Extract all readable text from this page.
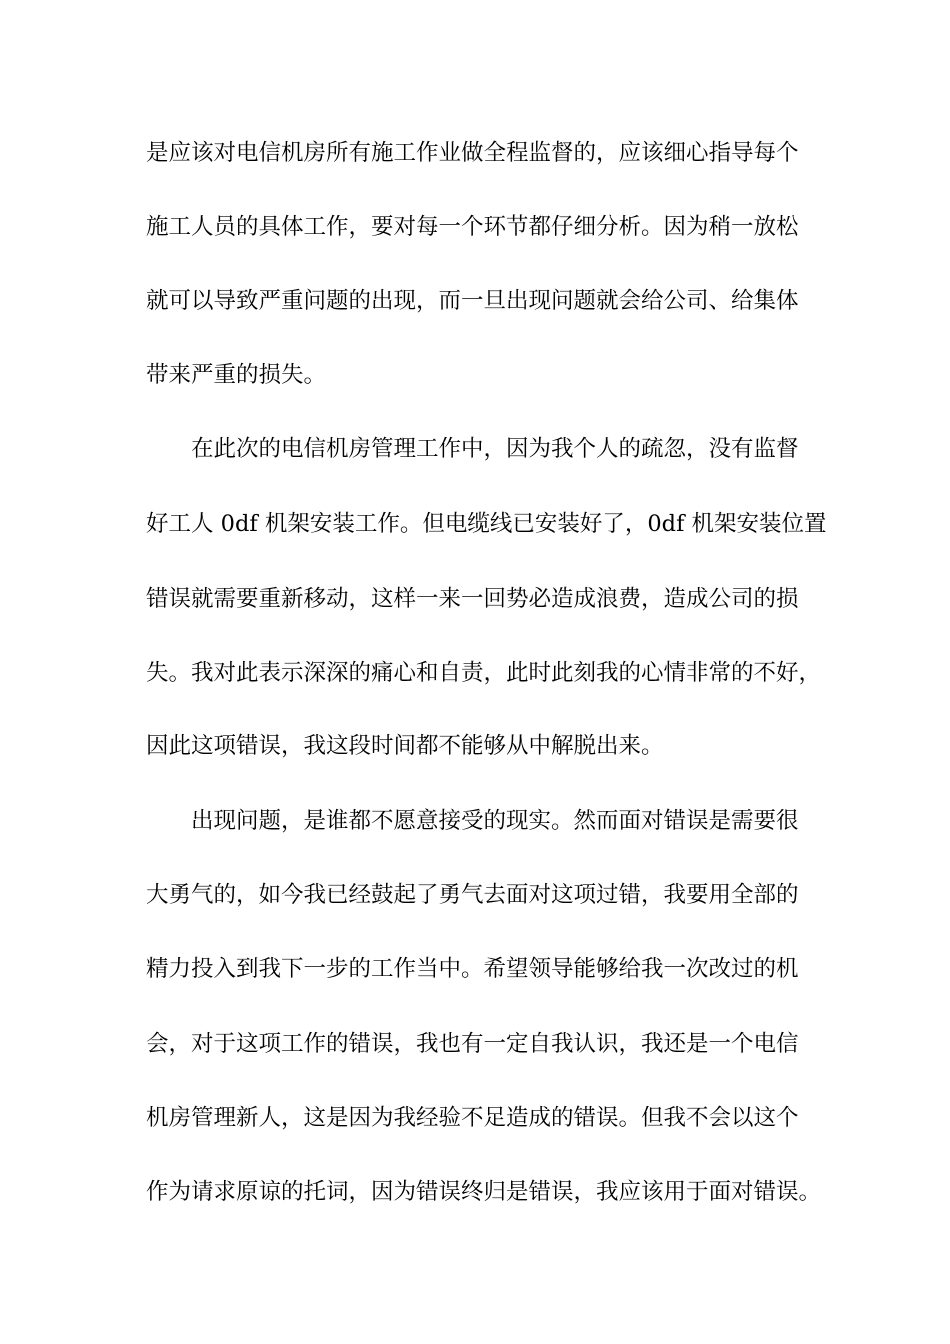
是应该对电信机房所有施工作业做全程监督的，应该细心指导每个
施工人员的具体工作，要对每一个环节都仔细分析。因为稍一放松
就可以导致严重问题的出现，而一旦出现问题就会给公司、给集体
带来严重的损失。
在此次的电信机房管理工作中，因为我个人的疏忽，没有监督
好工人 0df 机架安装工作。但电缆线已安装好了，0df 机架安装位置
错误就需要重新移动，这样一来一回势必造成浪费，造成公司的损
失。我对此表示深深的痛心和自责，此时此刻我的心情非常的不好，
因此这项错误，我这段时间都不能够从中解脱出来。
出现问题，是谁都不愿意接受的现实。然而面对错误是需要很
大勇气的，如今我已经鼓起了勇气去面对这项过错，我要用全部的
精力投入到我下一步的工作当中。希望领导能够给我一次改过的机
会，对于这项工作的错误，我也有一定自我认识，我还是一个电信
机房管理新人，这是因为我经验不足造成的错误。但我不会以这个
作为请求原谅的托词，因为错误终归是错误，我应该用于面对错误。
